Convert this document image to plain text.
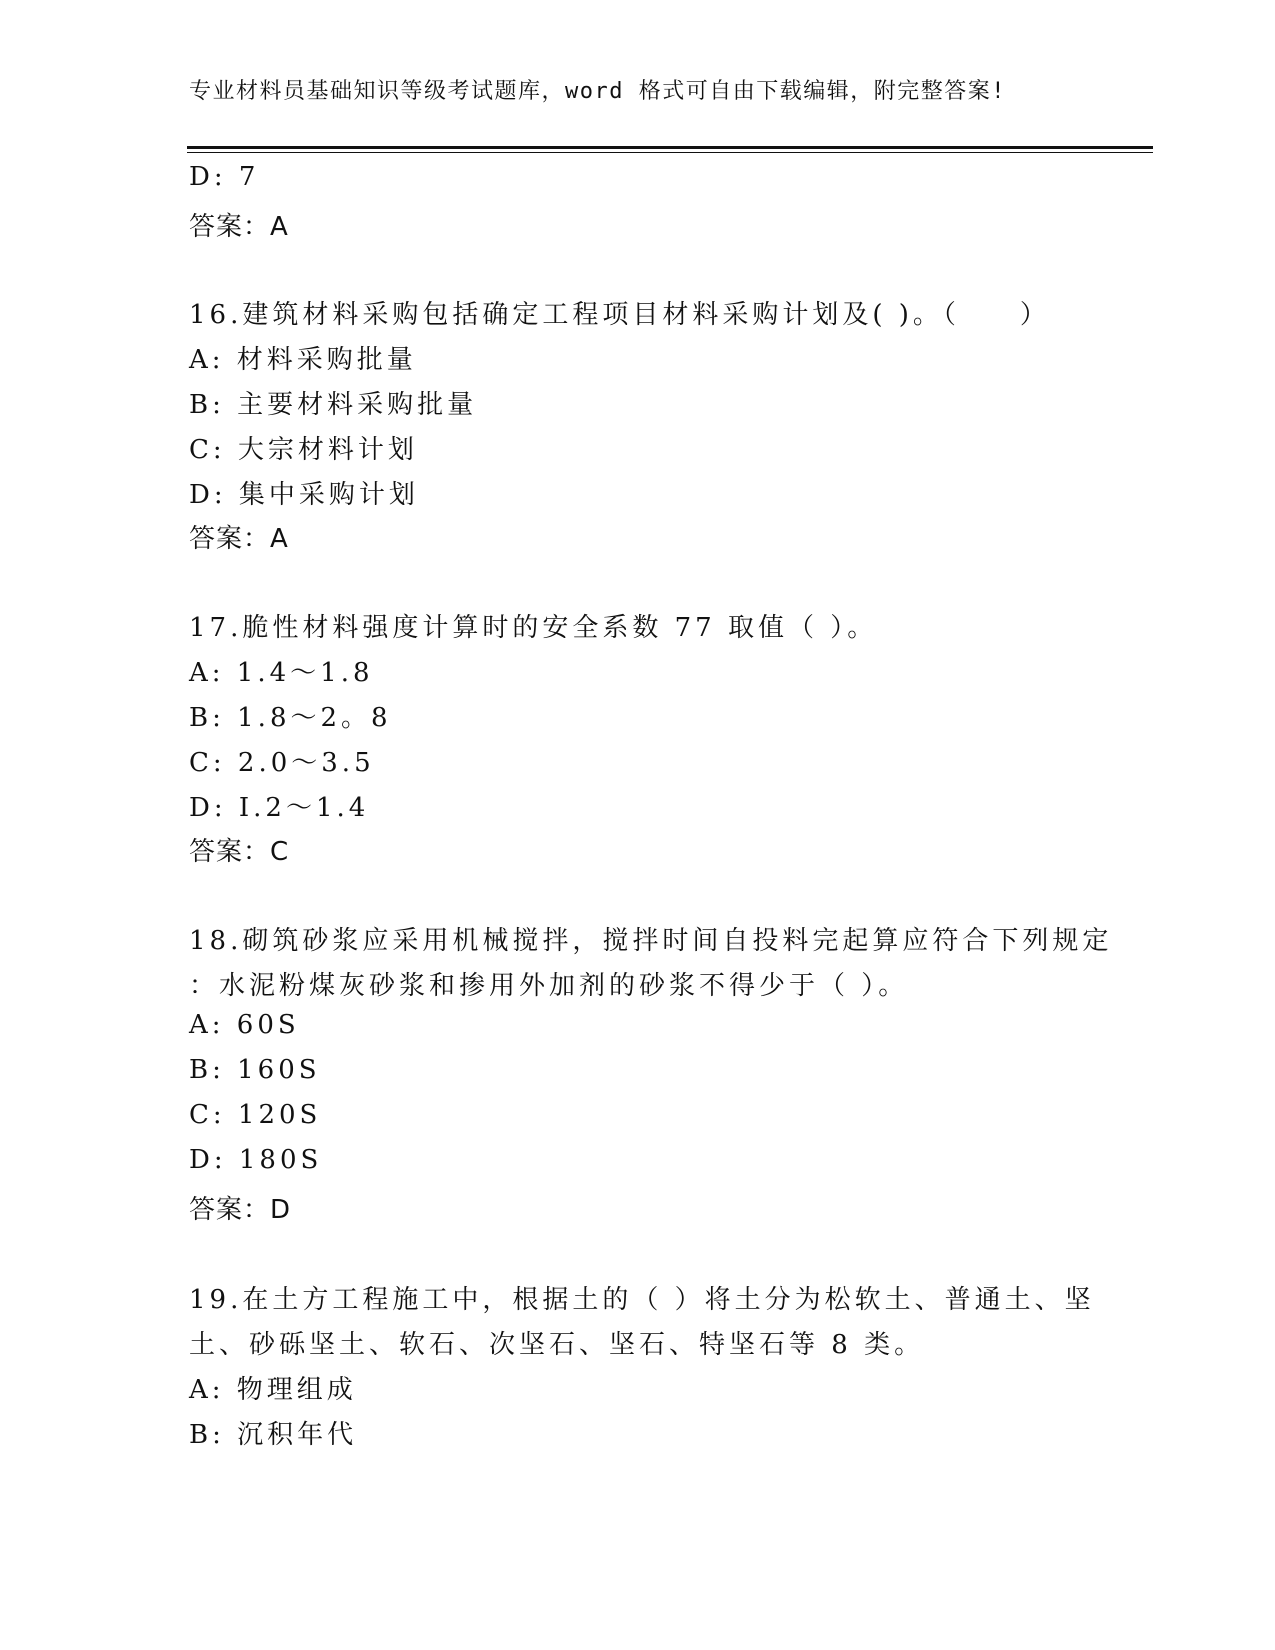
专业材料员基础知识等级考试题库，word 格式可自由下载编辑，附完整答案!
D: 7
答案：A
16.建筑材料采购包括确定工程项目材料采购计划及( )。（　　）
A: 材料采购批量
B: 主要材料采购批量
C: 大宗材料计划
D: 集中采购计划
答案：A
17.脆性材料强度计算时的安全系数 77 取值（ ）。
A: 1.4～1.8
B: 1.8～2。8
C: 2.0～3.5
D: I.2～1.4
答案：C
18.砌筑砂浆应采用机械搅拌，搅拌时间自投料完起算应符合下列规定
：水泥粉煤灰砂浆和掺用外加剂的砂浆不得少于（ ）。
A: 60S
B: 160S
C: 120S
D: 180S
答案：D
19.在土方工程施工中，根据土的（ ）将土分为松软土、普通土、坚
土、砂砾坚土、软石、次坚石、坚石、特坚石等 8 类。
A: 物理组成
B: 沉积年代
